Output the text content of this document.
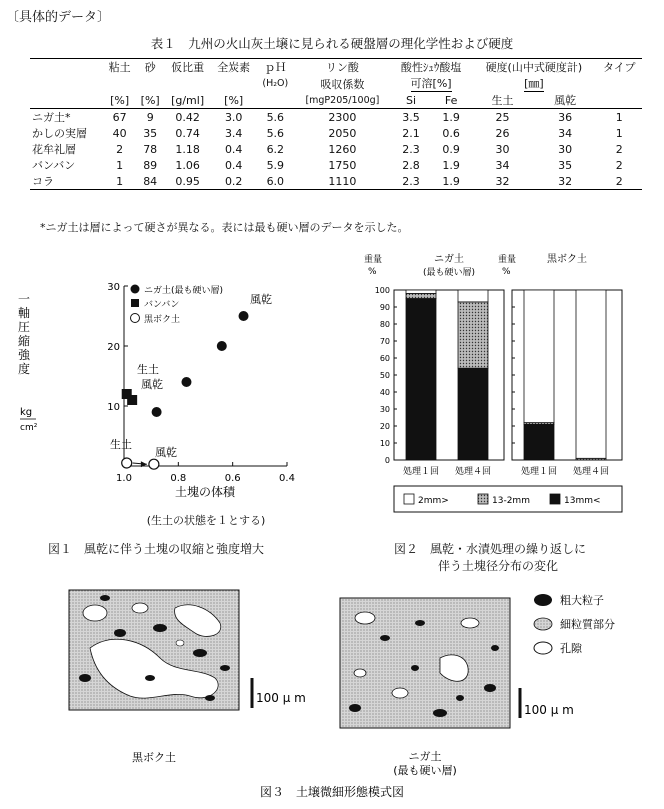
〔具体的データ〕
表１　九州の火山灰土壌に見られる硬盤層の理化学性および硬度

	粘土	砂	仮比重	全炭素	ｐＨ	リン酸	酸性ｼｭｳ酸塩		硬度(山中式硬度計)		タイプ
					(H₂O)	吸収係数	可溶[%]		[㎜]		
	[%]	[%]	[g/ml]	[%]		[mgP205/100g]	Si	Fe	生土	風乾	

ニガ土*	67	9	0.42	3.0	5.6	2300	3.5	1.9	25	36	1
かしの実層	40	35	0.74	3.4	5.6	2050	2.1	0.6	26	34	1
花牟礼層	2	78	1.18	0.4	6.2	1260	2.3	0.9	30	30	2
バンバン	1	89	1.06	0.4	5.9	1750	2.8	1.9	34	35	2
コラ	1	84	0.95	0.2	6.0	1110	2.3	1.9	32	32	2

*ニガ土は層によって硬さが異なる。表には最も硬い層のデータを示した。
10
20
30
1.0	0.8	0.6	0.4
ニガ土(最も硬い層)
バンバン
黒ボク土
風乾
生土
風乾
生土
風乾
一
軸
圧
縮
強
度
kg
cm²
土塊の体積
(生土の状態を１とする)
図１　風乾に伴う土塊の収縮と強度増大
重量
%
重量
%
0
10
20
30
40
50
60
70
80
90
100
ニガ土
(最も硬い層)
処理１回 処理４回
黒ボク土
処理１回 処理４回
2mm>	13-2mm	13mm<
図２　風乾・水漬処理の繰り返しに
伴う土塊径分布の変化
100 μ m
黒ボク土
100 μ m
ニガ土
(最も硬い層)
粗大粒子
細粒質部分
孔隙
図３　土壌微細形態模式図
